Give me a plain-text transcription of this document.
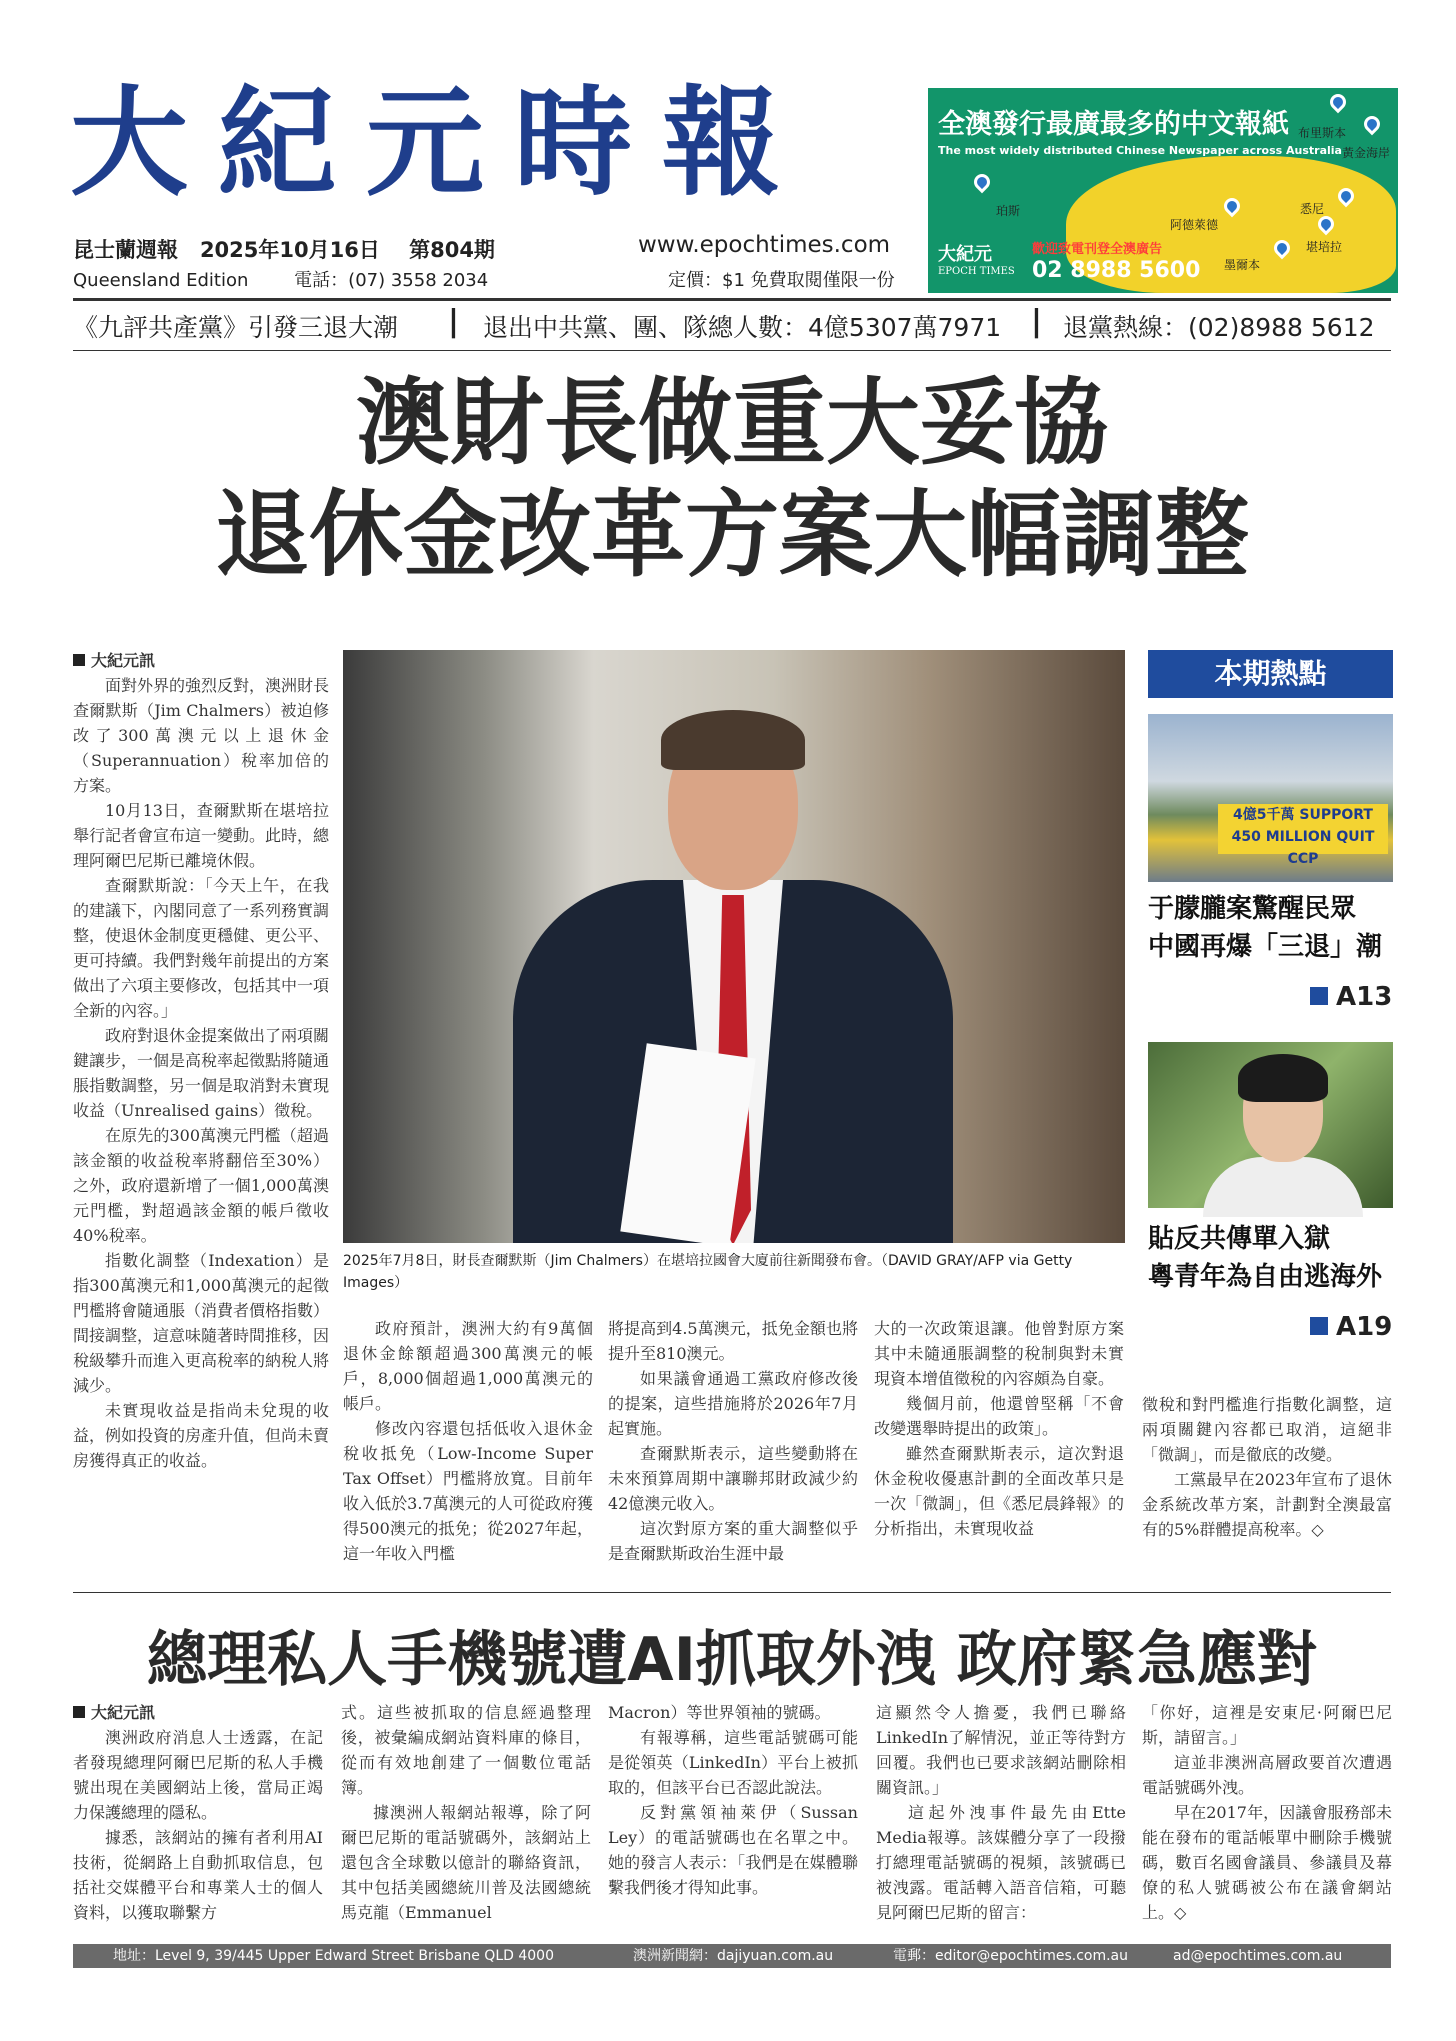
大紀元時報	全澳發行最廣最多的中文報紙
The most widely distributed Chinese Newspaper across Australia
布里斯本
黃金海岸
珀斯
阿德萊德
悉尼
墨爾本
堪培拉
大紀元
EPOCH TIMES
歡迎致電刊登全澳廣告
02 8988 5600
昆士蘭週報 2025年10月16日 第804期
Queensland Edition	電話：(07) 3558 2034
www.epochtimes.com
定價：$1 免費取閱僅限一份
《九評共產黨》引發三退大潮 | 退出中共黨、團、隊總人數：4億5307萬7971 | 退黨熱線：(02)8988 5612
澳財長做重大妥協
退休金改革方案大幅調整
大紀元訊

面對外界的強烈反對，澳洲財長查爾默斯（Jim Chalmers）被迫修改了300萬澳元以上退休金（Superannuation）稅率加倍的方案。

10月13日，查爾默斯在堪培拉舉行記者會宣布這一變動。此時，總理阿爾巴尼斯已離境休假。

查爾默斯說：「今天上午，在我的建議下，內閣同意了一系列務實調整，使退休金制度更穩健、更公平、更可持續。我們對幾年前提出的方案做出了六項主要修改，包括其中一項全新的內容。」

政府對退休金提案做出了兩項關鍵讓步，一個是高稅率起徵點將隨通脹指數調整，另一個是取消對未實現收益（Unrealised gains）徵稅。

在原先的300萬澳元門檻（超過該金額的收益稅率將翻倍至30%）之外，政府還新增了一個1,000萬澳元門檻，對超過該金額的帳戶徵收40%稅率。

指數化調整（Indexation）是指300萬澳元和1,000萬澳元的起徵門檻將會隨通脹（消費者價格指數）間接調整，這意味隨著時間推移，因稅級攀升而進入更高稅率的納稅人將減少。

未實現收益是指尚未兌現的收益，例如投資的房產升值，但尚未賣房獲得真正的收益。

2025年7月8日，財長查爾默斯（Jim Chalmers）在堪培拉國會大廈前往新聞發布會。（DAVID GRAY/AFP via Getty Images）

政府預計，澳洲大約有9萬個退休金餘額超過300萬澳元的帳戶，8,000個超過1,000萬澳元的帳戶。

修改內容還包括低收入退休金稅收抵免（Low-Income Super Tax Offset）門檻將放寬。目前年收入低於3.7萬澳元的人可從政府獲得500澳元的抵免；從2027年起，這一年收入門檻

將提高到4.5萬澳元，抵免金額也將提升至810澳元。

如果議會通過工黨政府修改後的提案，這些措施將於2026年7月起實施。

查爾默斯表示，這些變動將在未來預算周期中讓聯邦財政減少約42億澳元收入。

這次對原方案的重大調整似乎是查爾默斯政治生涯中最

大的一次政策退讓。他曾對原方案其中未隨通脹調整的稅制與對未實現資本增值徵稅的內容頗為自豪。

幾個月前，他還曾堅稱「不會改變選舉時提出的政策」。

雖然查爾默斯表示，這次對退休金稅收優惠計劃的全面改革只是一次「微調」，但《悉尼晨鋒報》的分析指出，未實現收益

徵稅和對門檻進行指數化調整，這兩項關鍵內容都已取消，這絕非「微調」，而是徹底的改變。

工黨最早在2023年宣布了退休金系統改革方案，計劃對全澳最富有的5%群體提高稅率。◇

本期熱點
4億5千萬 SUPPORT 450 MILLION QUIT CCP
于朦朧案驚醒民眾
中國再爆「三退」潮
A13
貼反共傳單入獄
粵青年為自由逃海外
A19
總理私人手機號遭AI抓取外洩 政府緊急應對
大紀元訊

澳洲政府消息人士透露，在記者發現總理阿爾巴尼斯的私人手機號出現在美國網站上後，當局正竭力保護總理的隱私。

據悉，該網站的擁有者利用AI技術，從網路上自動抓取信息，包括社交媒體平台和專業人士的個人資料，以獲取聯繫方

式。這些被抓取的信息經過整理後，被彙編成網站資料庫的條目，從而有效地創建了一個數位電話簿。

據澳洲人報網站報導，除了阿爾巴尼斯的電話號碼外，該網站上還包含全球數以億計的聯絡資訊，其中包括美國總統川普及法國總統馬克龍（Emmanuel

Macron）等世界領袖的號碼。

有報導稱，這些電話號碼可能是從領英（LinkedIn）平台上被抓取的，但該平台已否認此說法。

反對黨領袖萊伊（Sussan Ley）的電話號碼也在名單之中。她的發言人表示：「我們是在媒體聯繫我們後才得知此事。

這顯然令人擔憂，我們已聯絡LinkedIn了解情況，並正等待對方回覆。我們也已要求該網站刪除相關資訊。」

這起外洩事件最先由Ette Media報導。該媒體分享了一段撥打總理電話號碼的視頻，該號碼已被洩露。電話轉入語音信箱，可聽見阿爾巴尼斯的留言：

「你好，這裡是安東尼·阿爾巴尼斯，請留言。」

這並非澳洲高層政要首次遭遇電話號碼外洩。

早在2017年，因議會服務部未能在發布的電話帳單中刪除手機號碼，數百名國會議員、參議員及幕僚的私人號碼被公布在議會網站上。◇

地址：Level 9, 39/445 Upper Edward Street Brisbane QLD 4000	澳洲新聞網：dajiyuan.com.au	電郵：editor@epochtimes.com.au	ad@epochtimes.com.au
